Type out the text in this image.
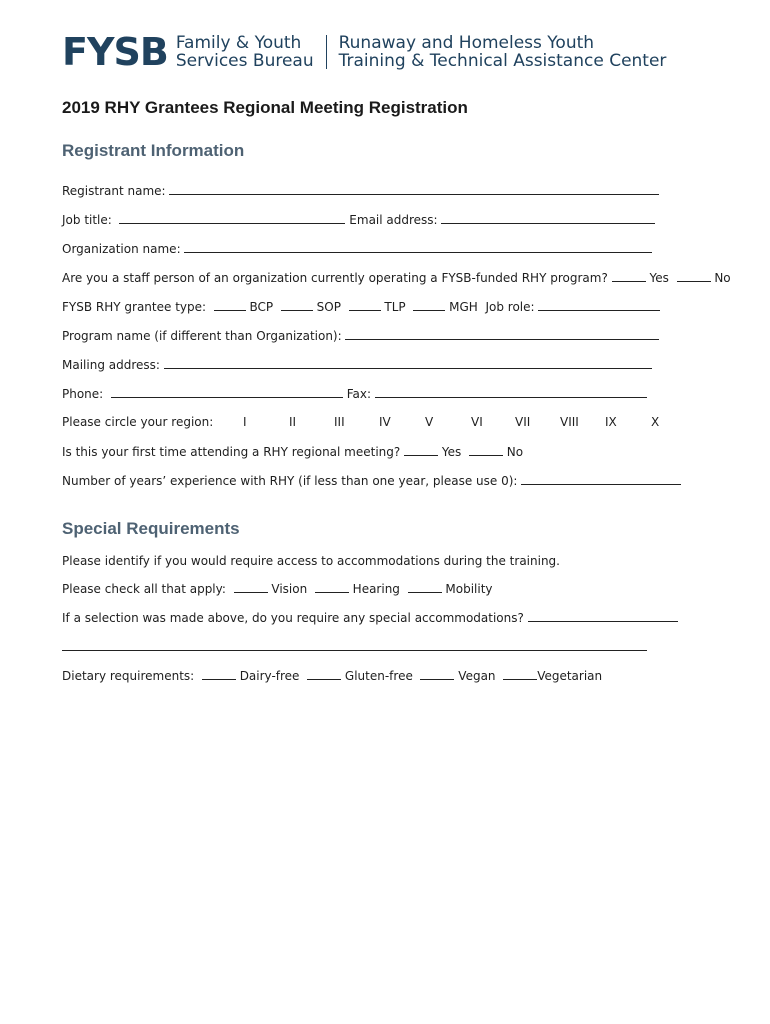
FYSB Family & Youth
Services Bureau
Runaway and Homeless Youth
Training & Technical Assistance Center
2019 RHY Grantees Regional Meeting Registration
Registrant Information
Registrant name:
Job title:	Email address:
Organization name:
Are you a staff person of an organization currently operating a FYSB-funded RHY program?	Yes	No
FYSB RHY grantee type:	BCP	SOP	TLP	MGH Job role:
Program name (if different than Organization):
Mailing address:
Phone:	Fax:

Please circle your region:

I

	II

	III

	IV

	V

	VI

	VII

VIII

IX

	X

Is this your first time attending a RHY regional meeting?	Yes	No
Number of years’ experience with RHY (if less than one year, please use 0):
Special Requirements
Please identify if you would require access to accommodations during the training.
Please check all that apply:	Vision	Hearing	Mobility
If a selection was made above, do you require any special accommodations?
Dietary requirements:	Dairy-free	Gluten-free	Vegan	Vegetarian
